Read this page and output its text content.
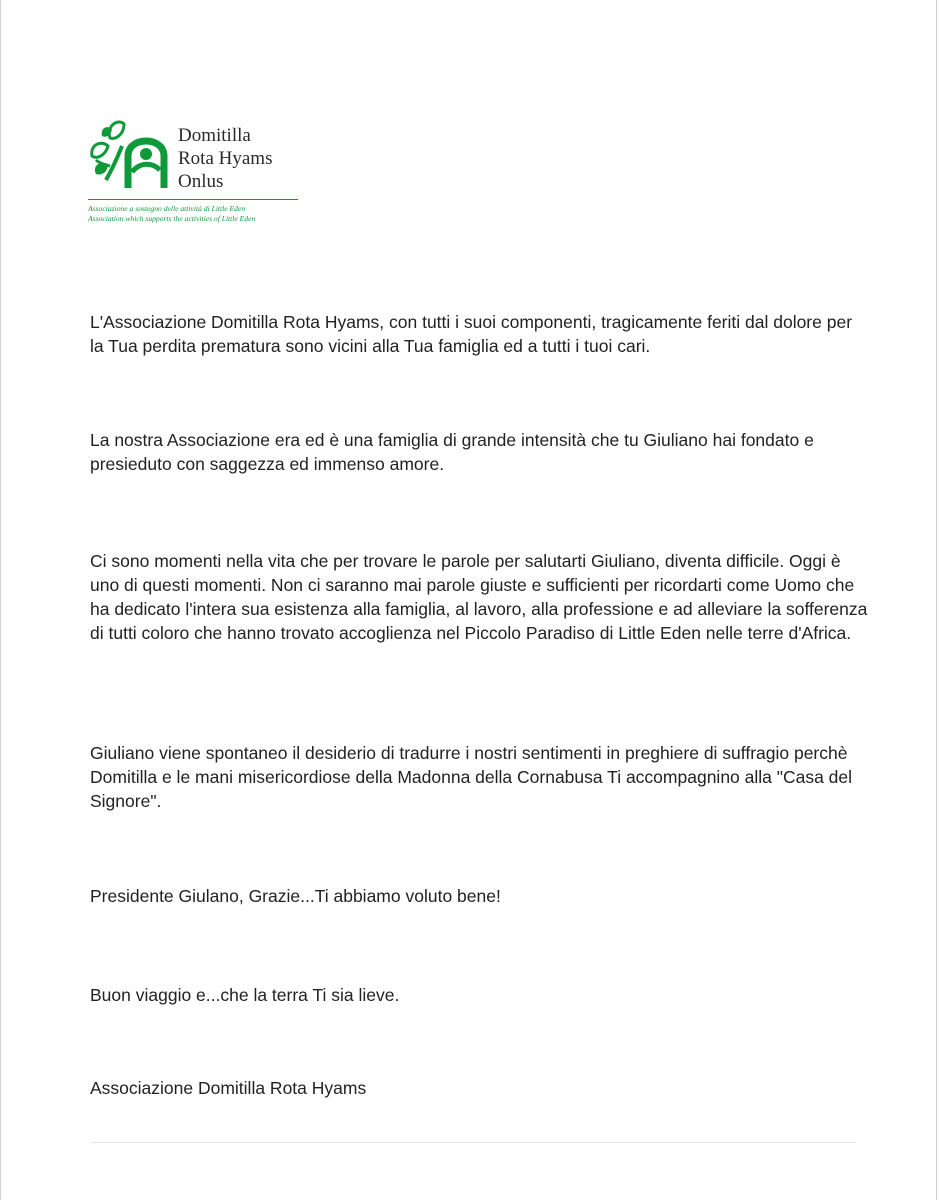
Domitilla
Rota Hyams
Onlus
Associazione a sostegno delle attività di Little Eden
Association which supports the activities of Little Eden

L'Associazione Domitilla Rota Hyams, con tutti i suoi componenti, tragicamente feriti dal dolore per la Tua perdita prematura sono vicini alla Tua famiglia ed a tutti i tuoi cari.

La nostra Associazione era ed è una famiglia di grande intensità che tu Giuliano hai fondato e presieduto con saggezza ed immenso amore.

Ci sono momenti nella vita che per trovare le parole per salutarti Giuliano, diventa difficile. Oggi è uno di questi momenti. Non ci saranno mai parole giuste e sufficienti per ricordarti come Uomo che ha dedicato l'intera sua esistenza alla famiglia, al lavoro, alla professione e ad alleviare la sofferenza di tutti coloro che hanno trovato accoglienza nel Piccolo Paradiso di Little Eden nelle terre d'Africa.

Giuliano viene spontaneo il desiderio di tradurre i nostri sentimenti in preghiere di suffragio perchè Domitilla e le mani misericordiose della Madonna della Cornabusa Ti accompagnino alla "Casa del Signore".

Presidente Giulano, Grazie...Ti abbiamo voluto bene!

Buon viaggio e...che la terra Ti sia lieve.

Associazione Domitilla Rota Hyams
